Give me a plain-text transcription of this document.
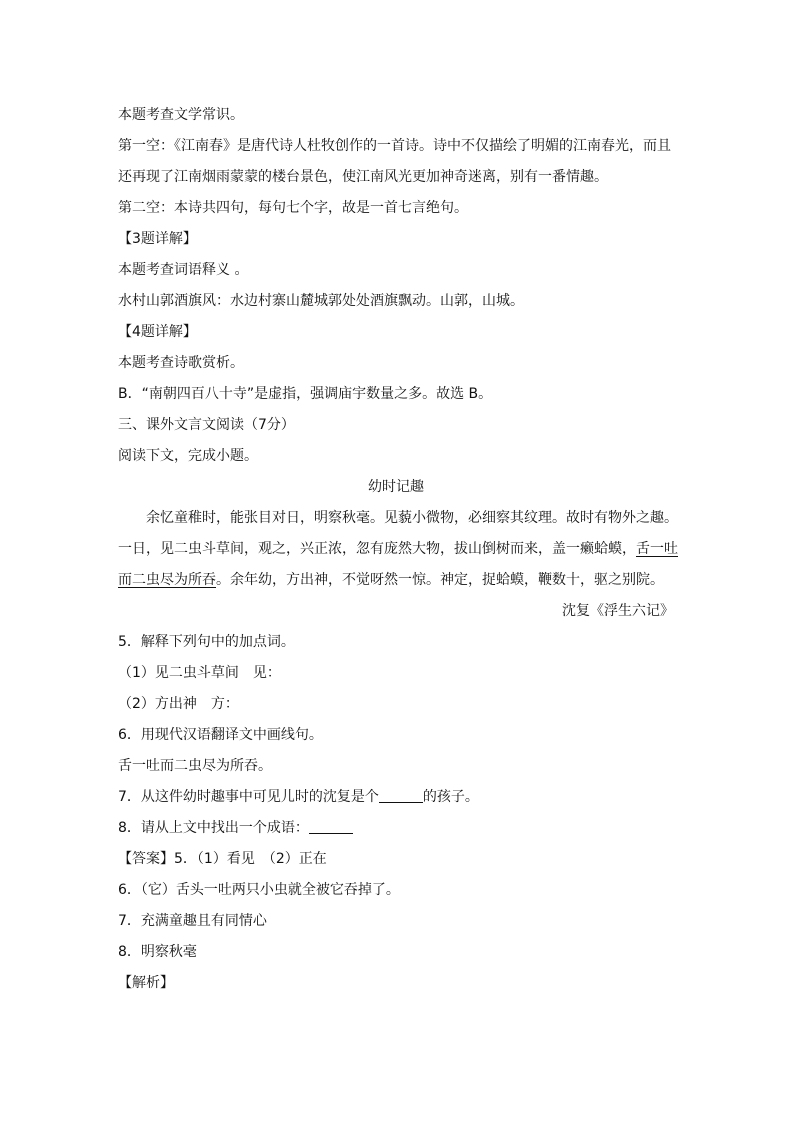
本题考查文学常识。
第一空：《江南春》是唐代诗人杜牧创作的一首诗。诗中不仅描绘了明媚的江南春光，而且
还再现了江南烟雨蒙蒙的楼台景色，使江南风光更加神奇迷离，别有一番情趣。
第二空：本诗共四句，每句七个字，故是一首七言绝句。
【3题详解】
本题考查词语释义 。
水村山郭酒旗风：水边村寨山麓城郭处处酒旗飘动。山郭，山城。
【4题详解】
本题考查诗歌赏析。
B．“南朝四百八十寺”是虚指，强调庙宇数量之多。故选 B。
三、课外文言文阅读（7分）
阅读下文，完成小题。
幼时记趣
余忆童稚时，能张目对日，明察秋毫。见藐小微物，必细察其纹理。故时有物外之趣。
一日，见二虫斗草间，观之，兴正浓，忽有庞然大物，拔山倒树而来，盖一癞蛤蟆，舌一吐
而二虫尽为所吞。余年幼，方出神，不觉呀然一惊。神定，捉蛤蟆，鞭数十，驱之别院。
沈复《浮生六记》
5．解释下列句中的加点词。
（1）见二虫斗草间　见：
（2）方出神　方：
6．用现代汉语翻译文中画线句。
舌一吐而二虫尽为所吞。
7．从这件幼时趣事中可见儿时的沈复是个	的孩子。
8．请从上文中找出一个成语：
【答案】5．（1）看见　（2）正在
6．（它）舌头一吐两只小虫就全被它吞掉了。
7．充满童趣且有同情心
8．明察秋毫
【解析】
